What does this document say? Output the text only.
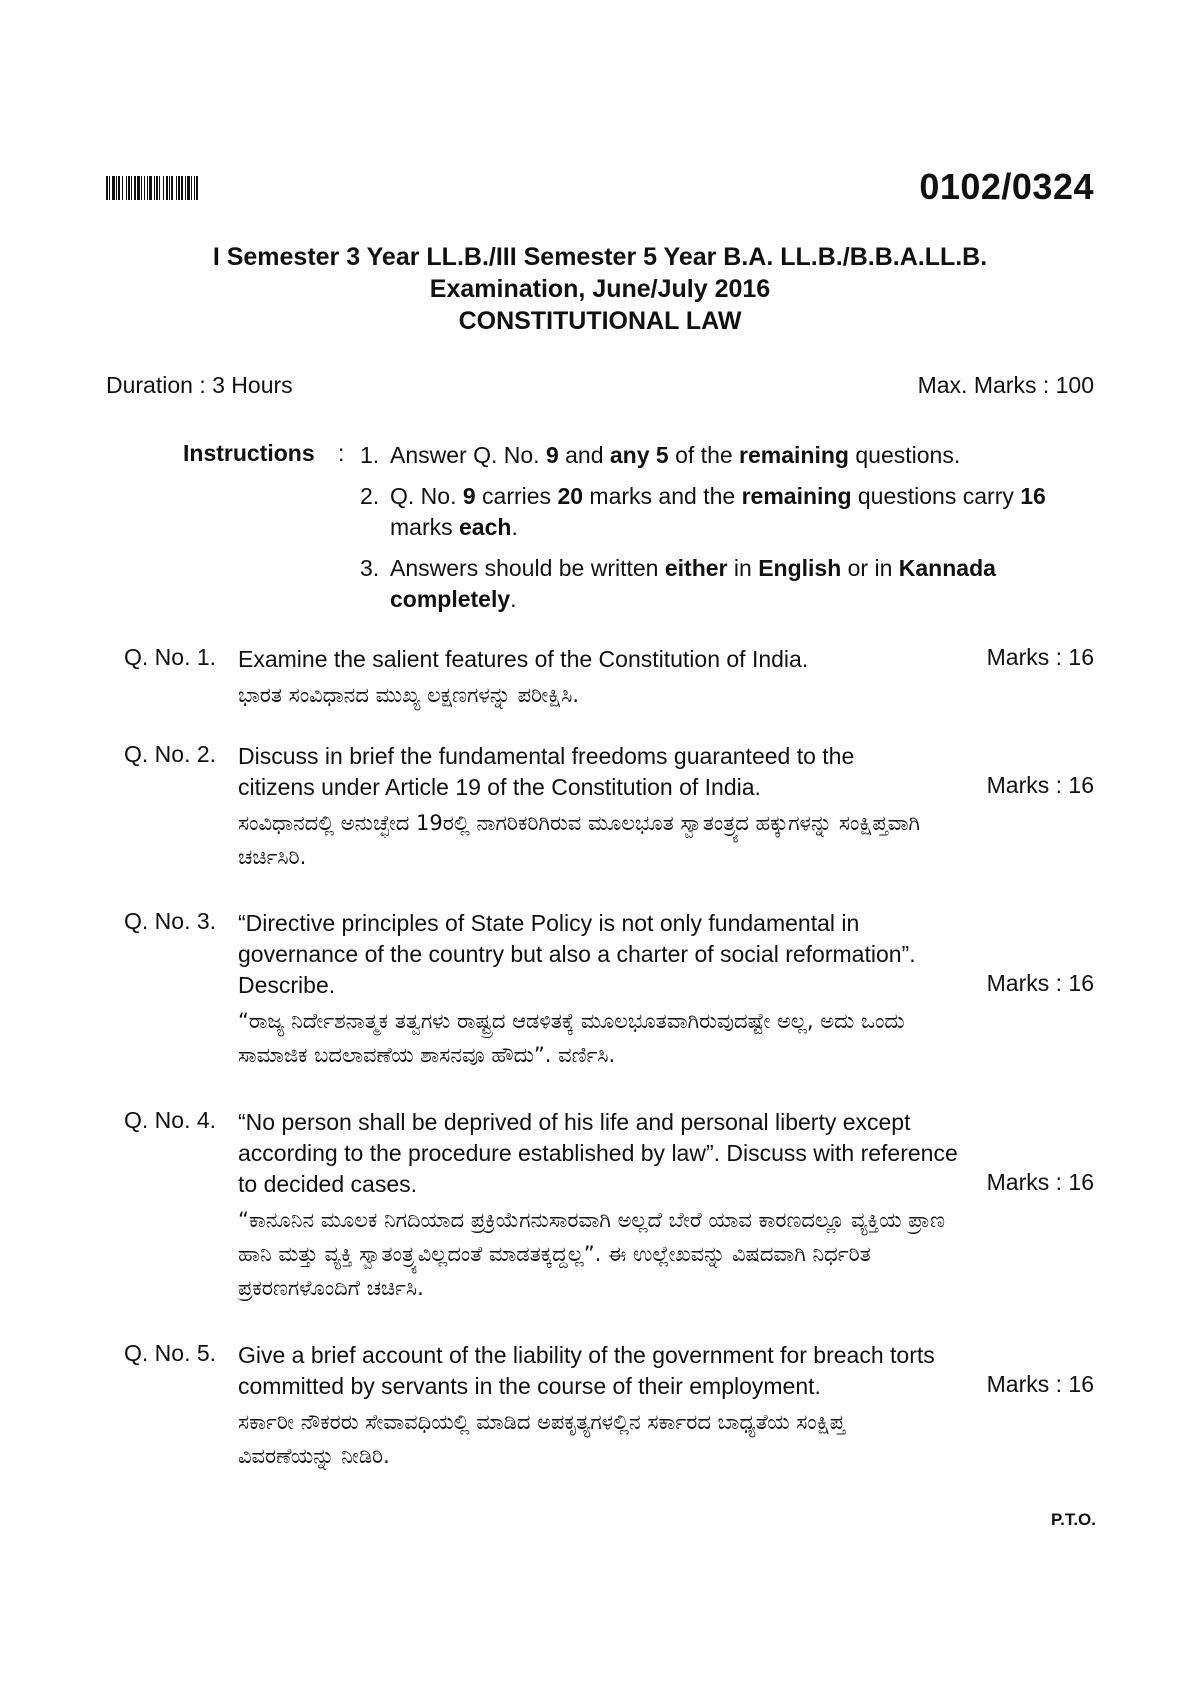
0102/0324
I Semester 3 Year LL.B./III Semester 5 Year B.A. LL.B./B.B.A.LL.B.
Examination, June/July 2016
CONSTITUTIONAL LAW
Duration : 3 Hours	Max. Marks : 100
Instructions : 1. Answer Q. No. 9 and any 5 of the remaining questions.
2. Q. No. 9 carries 20 marks and the remaining questions carry 16 marks each.
3. Answers should be written either in English or in Kannada completely.
Q. No. 1. Examine the salient features of the Constitution of India.
ಭಾರತ ಸಂವಿಧಾನದ ಮುಖ್ಯ ಲಕ್ಷಣಗಳನ್ನು ಪರೀಕ್ಷಿಸಿ.
Marks : 16
Q. No. 2. Discuss in brief the fundamental freedoms guaranteed to the citizens under Article 19 of the Constitution of India.
ಸಂವಿಧಾನದಲ್ಲಿ ಅನುಚ್ಛೇದ 19ರಲ್ಲಿ ನಾಗರಿಕರಿಗಿರುವ ಮೂಲಭೂತ ಸ್ವಾತಂತ್ರ್ಯದ ಹಕ್ಕುಗಳನ್ನು ಸಂಕ್ಷಿಪ್ತವಾಗಿ ಚರ್ಚಿಸಿರಿ.
Marks : 16
Q. No. 3. “Directive principles of State Policy is not only fundamental in governance of the country but also a charter of social reformation”. Describe.
“ರಾಜ್ಯ ನಿರ್ದೇಶನಾತ್ಮಕ ತತ್ವಗಳು ರಾಷ್ಟ್ರದ ಆಡಳಿತಕ್ಕೆ ಮೂಲಭೂತವಾಗಿರುವುದಷ್ಟೇ ಅಲ್ಲ, ಅದು ಒಂದು ಸಾಮಾಜಿಕ ಬದಲಾವಣೆಯ ಶಾಸನವೂ ಹೌದು”. ವರ್ಣಿಸಿ.
Marks : 16
Q. No. 4. “No person shall be deprived of his life and personal liberty except according to the procedure established by law”. Discuss with reference to decided cases.
“ಕಾನೂನಿನ ಮೂಲಕ ನಿಗದಿಯಾದ ಪ್ರಕ್ರಿಯೆಗನುಸಾರವಾಗಿ ಅಲ್ಲದೆ ಬೇರೆ ಯಾವ ಕಾರಣದಲ್ಲೂ ವ್ಯಕ್ತಿಯ ಪ್ರಾಣ ಹಾನಿ ಮತ್ತು ವ್ಯಕ್ತಿ ಸ್ವಾತಂತ್ರ್ಯವಿಲ್ಲದಂತೆ ಮಾಡತಕ್ಕದ್ದಲ್ಲ”. ಈ ಉಲ್ಲೇಖವನ್ನು ವಿಷದವಾಗಿ ನಿರ್ಧರಿತ ಪ್ರಕರಣಗಳೊಂದಿಗೆ ಚರ್ಚಿಸಿ.
Marks : 16
Q. No. 5. Give a brief account of the liability of the government for breach torts committed by servants in the course of their employment.
ಸರ್ಕಾರೀ ನೌಕರರು ಸೇವಾವಧಿಯಲ್ಲಿ ಮಾಡಿದ ಅಪಕೃತ್ಯಗಳಲ್ಲಿನ ಸರ್ಕಾರದ ಬಾಧ್ಯತೆಯ ಸಂಕ್ಷಿಪ್ತ ವಿವರಣೆಯನ್ನು ನೀಡಿರಿ.
Marks : 16
P.T.O.
